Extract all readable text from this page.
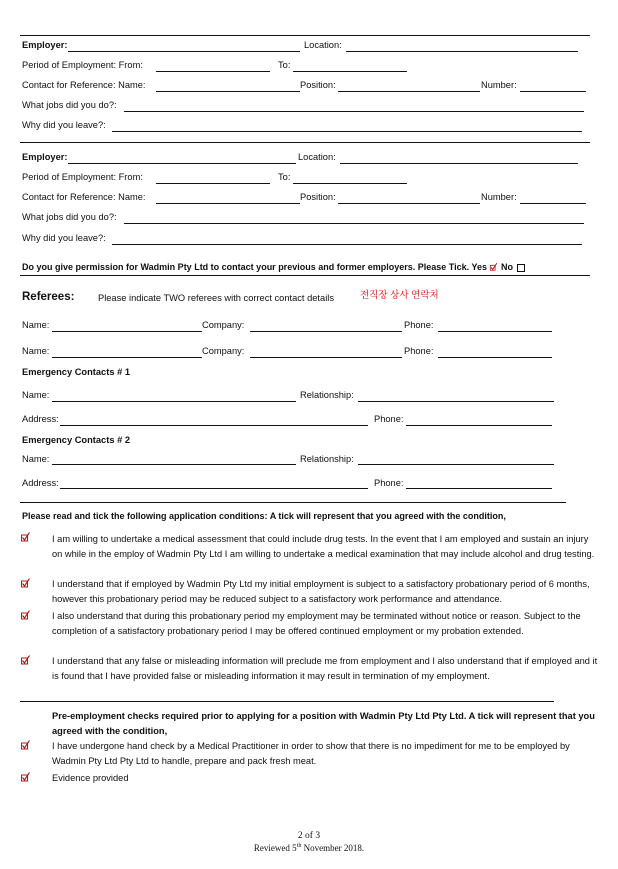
Employer:	Location:
Period of Employment: From:	To:
Contact for Reference: Name:	Position:	Number:
What jobs did you do?:
Why did you leave?:
Employer:	Location:
Period of Employment: From:	To:
Contact for Reference: Name:	Position:	Number:
What jobs did you do?:
Why did you leave?:
Do you give permission for Wadmin Pty Ltd to contact your previous and former employers. Please Tick. Yes No
Referees:	Please indicate TWO referees with correct contact details	전직장 상사 연락처
Name:	Company:	Phone:
Name:	Company:	Phone:
Emergency Contacts # 1
Name:	Relationship:
Address:	Phone:
Emergency Contacts # 2
Name:	Relationship:
Address:	Phone:
Please read and tick the following application conditions: A tick will represent that you agreed with the condition,
I am willing to undertake a medical assessment that could include drug tests. In the event that I am employed and sustain an injury on while in the employ of Wadmin Pty Ltd I am willing to undertake a medical examination that may include alcohol and drug testing.
I understand that if employed by Wadmin Pty Ltd my initial employment is subject to a satisfactory probationary period of 6 months, however this probationary period may be reduced subject to a satisfactory work performance and attendance.
I also understand that during this probationary period my employment may be terminated without notice or reason. Subject to the completion of a satisfactory probationary period I may be offered continued employment or my probation extended.
I understand that any false or misleading information will preclude me from employment and I also understand that if employed and it is found that I have provided false or misleading information it may result in termination of my employment.
Pre-employment checks required prior to applying for a position with Wadmin Pty Ltd Pty Ltd. A tick will represent that you agreed with the condition,
I have undergone hand check by a Medical Practitioner in order to show that there is no impediment for me to be employed by Wadmin Pty Ltd Pty Ltd to handle, prepare and pack fresh meat.
Evidence provided
2 of 3
Reviewed 5th November 2018.
